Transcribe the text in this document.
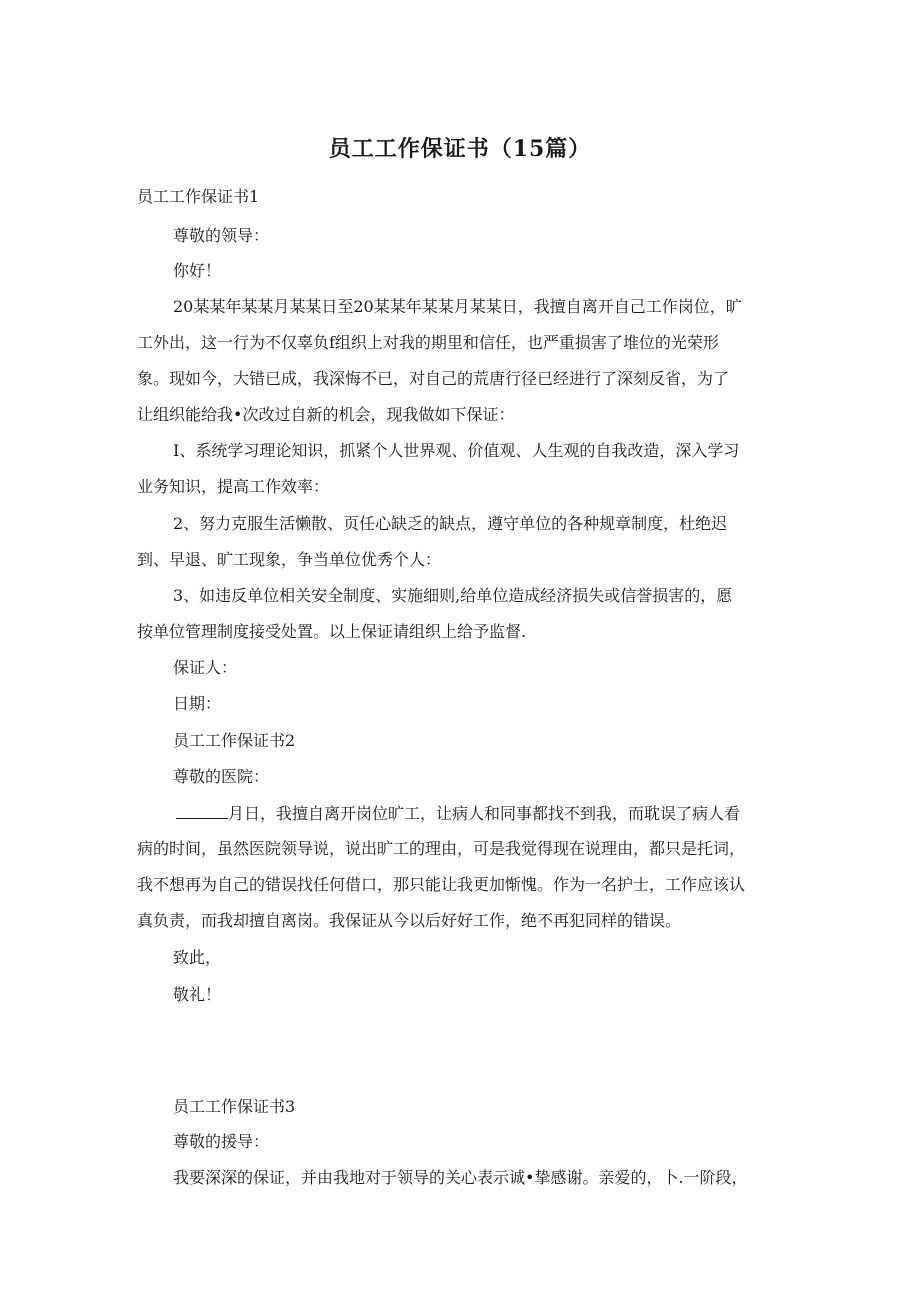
员工工作保证书（15篇）
员工工作保证书1
尊敬的领导：
你好！
20某某年某某月某某日至20某某年某某月某某日，我擅自离开自己工作岗位，旷
工外出，这一行为不仅辜负f组织上对我的期里和信任，也严重损害了堆位的光荣形
象。现如今，大错已成，我深悔不已，对自己的荒唐行径已经进行了深刻反省，为了
让组织能给我•次改过自新的机会，现我做如下保证：
I、系统学习理论知识，抓紧个人世界观、价值观、人生观的自我改造，深入学习
业务知识，提高工作效率：
2、努力克服生活懒散、页任心缺乏的缺点，遵守单位的各种规章制度，杜绝迟
到、早退、旷工现象，争当单位优秀个人：
3、如违反单位相关安全制度、实施细则,给单位造成经济损失或信誉损害的，愿
按单位管理制度接受处置。以上保证请组织上给予监督.
保证人：
日期：
员工工作保证书2
尊敬的医院：
月日，我擅自离开岗位旷工，让病人和同事都找不到我，而耽误了病人看
病的时间，虽然医院领导说，说出旷工的理由，可是我觉得现在说理由，都只是托词，
我不想再为自己的错误找任何借口，那只能让我更加惭愧。作为一名护士，工作应该认
真负责，而我却擅自离岗。我保证从今以后好好工作，绝不再犯同样的错误。
致此，
敬礼！
员工工作保证书3
尊敬的援导：
我要深深的保证，并由我地对于领导的关心表示诚•挚感谢。亲爱的，卜.一阶段，
